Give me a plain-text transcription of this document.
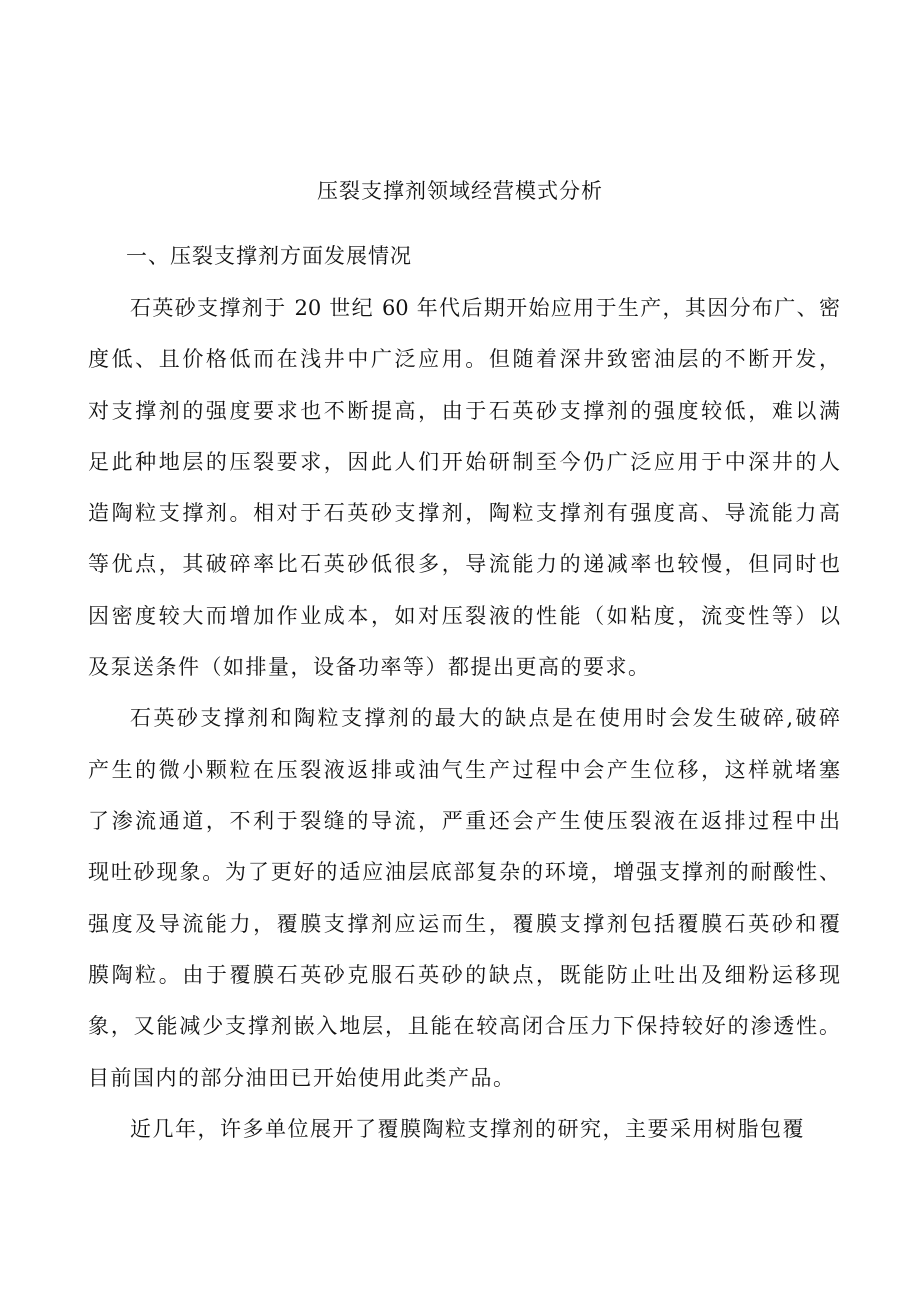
压裂支撑剂领域经营模式分析
一、压裂支撑剂方面发展情况
石英砂支撑剂于 20 世纪 60 年代后期开始应用于生产，其因分布广、密
度低、且价格低而在浅井中广泛应用。但随着深井致密油层的不断开发，
对支撑剂的强度要求也不断提高，由于石英砂支撑剂的强度较低，难以满
足此种地层的压裂要求，因此人们开始研制至今仍广泛应用于中深井的人
造陶粒支撑剂。相对于石英砂支撑剂，陶粒支撑剂有强度高、导流能力高
等优点，其破碎率比石英砂低很多，导流能力的递减率也较慢，但同时也
因密度较大而增加作业成本，如对压裂液的性能（如粘度，流变性等）以
及泵送条件（如排量，设备功率等）都提出更高的要求。
石英砂支撑剂和陶粒支撑剂的最大的缺点是在使用时会发生破碎,破碎
产生的微小颗粒在压裂液返排或油气生产过程中会产生位移，这样就堵塞
了渗流通道，不利于裂缝的导流，严重还会产生使压裂液在返排过程中出
现吐砂现象。为了更好的适应油层底部复杂的环境，增强支撑剂的耐酸性、
强度及导流能力，覆膜支撑剂应运而生，覆膜支撑剂包括覆膜石英砂和覆
膜陶粒。由于覆膜石英砂克服石英砂的缺点，既能防止吐出及细粉运移现
象，又能减少支撑剂嵌入地层，且能在较高闭合压力下保持较好的渗透性。
目前国内的部分油田已开始使用此类产品。
近几年，许多单位展开了覆膜陶粒支撑剂的研究，主要采用树脂包覆
